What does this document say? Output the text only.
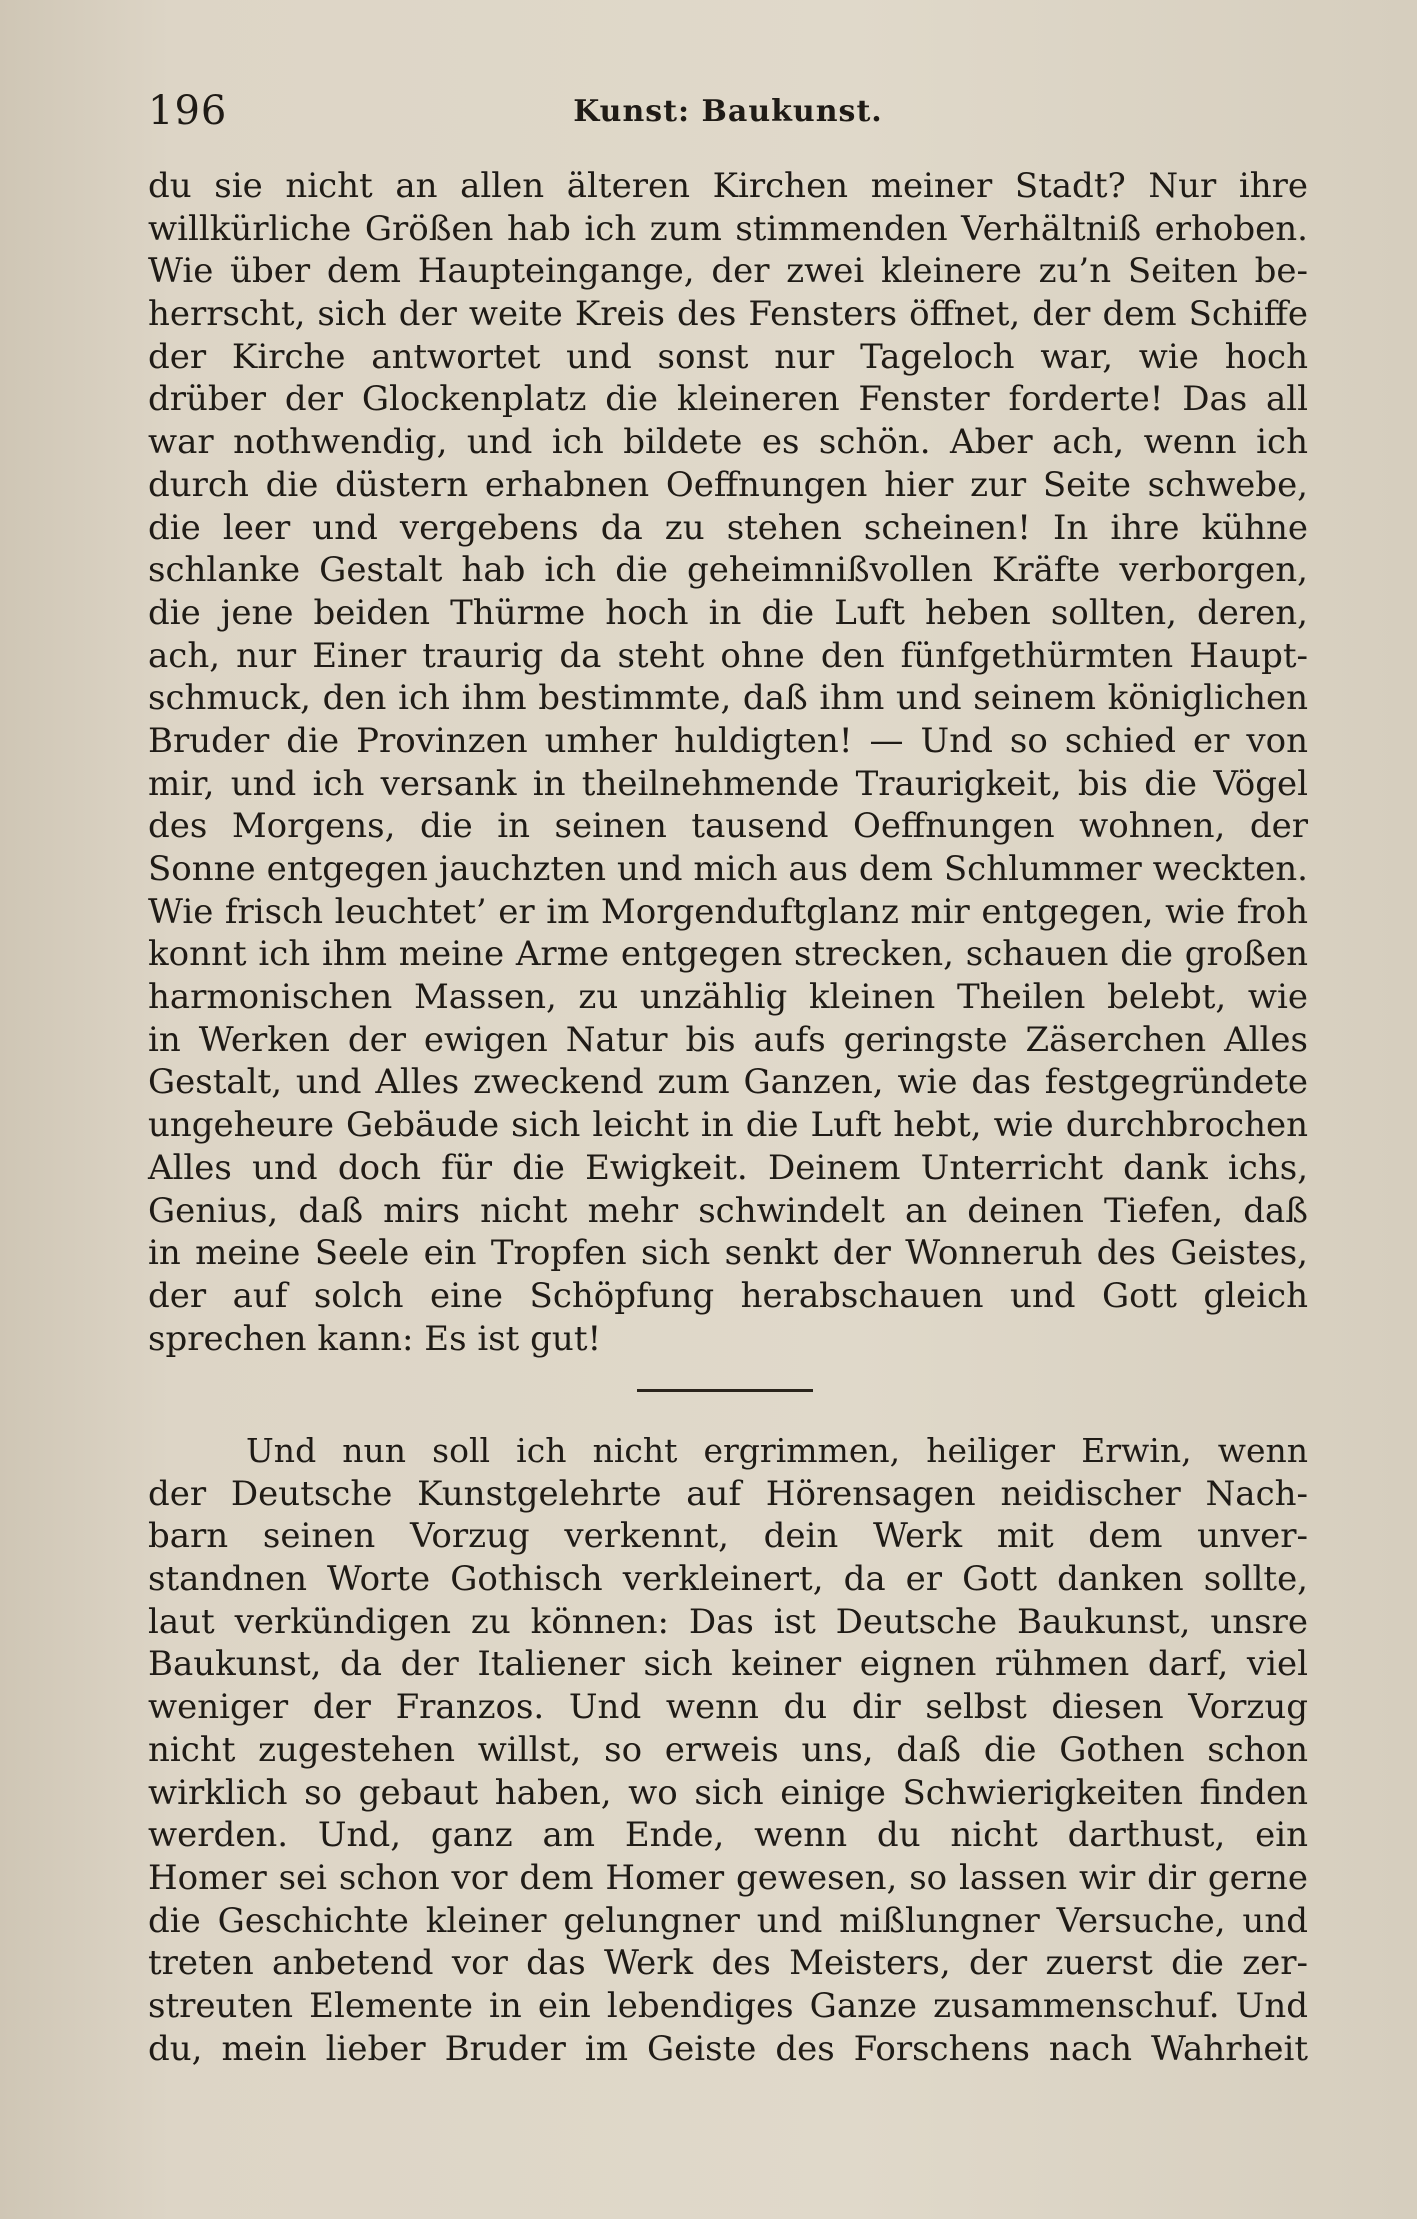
196	Kunst: Baukunst.
du sie nicht an allen älteren Kirchen meiner Stadt? Nur ihre
willkürliche Größen hab ich zum stimmenden Verhältniß erhoben.
Wie über dem Haupteingange, der zwei kleinere zu’n Seiten be-
herrscht, sich der weite Kreis des Fensters öffnet, der dem Schiffe
der Kirche antwortet und sonst nur Tageloch war, wie hoch
drüber der Glockenplatz die kleineren Fenster forderte! Das all
war nothwendig, und ich bildete es schön. Aber ach, wenn ich
durch die düstern erhabnen Oeffnungen hier zur Seite schwebe,
die leer und vergebens da zu stehen scheinen! In ihre kühne
schlanke Gestalt hab ich die geheimnißvollen Kräfte verborgen,
die jene beiden Thürme hoch in die Luft heben sollten, deren,
ach, nur Einer traurig da steht ohne den fünfgethürmten Haupt-
schmuck, den ich ihm bestimmte, daß ihm und seinem königlichen
Bruder die Provinzen umher huldigten! — Und so schied er von
mir, und ich versank in theilnehmende Traurigkeit, bis die Vögel
des Morgens, die in seinen tausend Oeffnungen wohnen, der
Sonne entgegen jauchzten und mich aus dem Schlummer weckten.
Wie frisch leuchtet’ er im Morgenduftglanz mir entgegen, wie froh
konnt ich ihm meine Arme entgegen strecken, schauen die großen
harmonischen Massen, zu unzählig kleinen Theilen belebt, wie
in Werken der ewigen Natur bis aufs geringste Zäserchen Alles
Gestalt, und Alles zweckend zum Ganzen, wie das festgegründete
ungeheure Gebäude sich leicht in die Luft hebt, wie durchbrochen
Alles und doch für die Ewigkeit. Deinem Unterricht dank ichs,
Genius, daß mirs nicht mehr schwindelt an deinen Tiefen, daß
in meine Seele ein Tropfen sich senkt der Wonneruh des Geistes,
der auf solch eine Schöpfung herabschauen und Gott gleich
sprechen kann: Es ist gut!
Und nun soll ich nicht ergrimmen, heiliger Erwin, wenn
der Deutsche Kunstgelehrte auf Hörensagen neidischer Nach-
barn seinen Vorzug verkennt, dein Werk mit dem unver-
standnen Worte Gothisch verkleinert, da er Gott danken sollte,
laut verkündigen zu können: Das ist Deutsche Baukunst, unsre
Baukunst, da der Italiener sich keiner eignen rühmen darf, viel
weniger der Franzos. Und wenn du dir selbst diesen Vorzug
nicht zugestehen willst, so erweis uns, daß die Gothen schon
wirklich so gebaut haben, wo sich einige Schwierigkeiten finden
werden. Und, ganz am Ende, wenn du nicht darthust, ein
Homer sei schon vor dem Homer gewesen, so lassen wir dir gerne
die Geschichte kleiner gelungner und mißlungner Versuche, und
treten anbetend vor das Werk des Meisters, der zuerst die zer-
streuten Elemente in ein lebendiges Ganze zusammenschuf. Und
du, mein lieber Bruder im Geiste des Forschens nach Wahrheit
